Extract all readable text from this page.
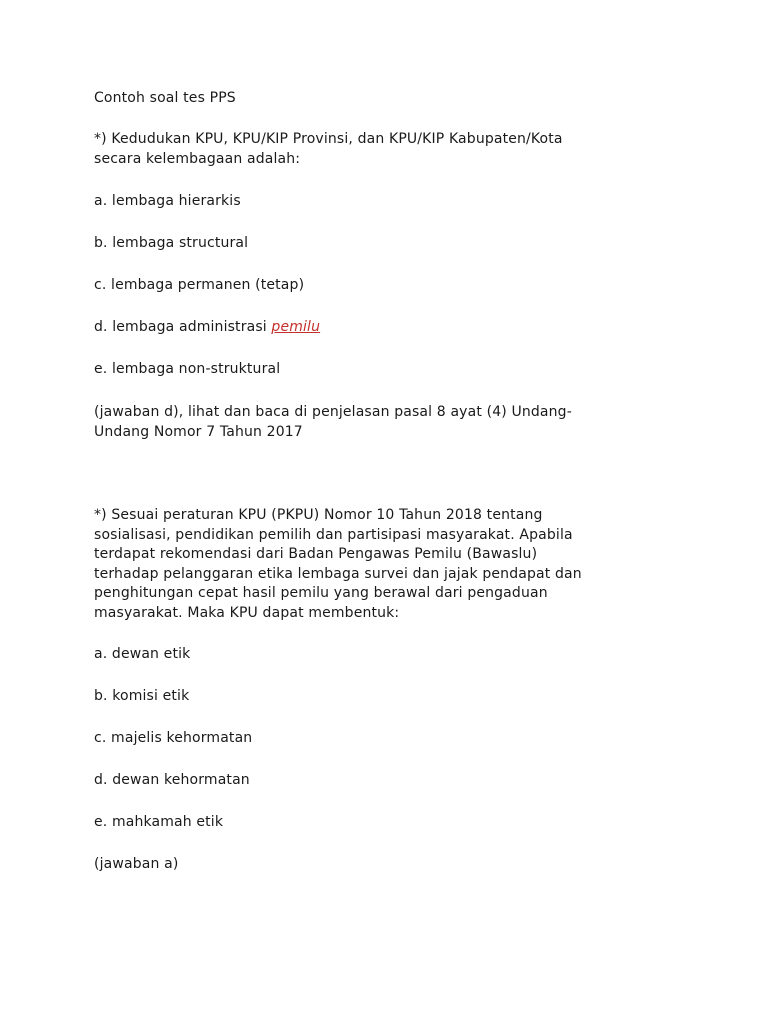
Contoh soal tes PPS

*) Kedudukan KPU, KPU/KIP Provinsi, dan KPU/KIP Kabupaten/Kota
secara kelembagaan adalah:

a. lembaga hierarkis

b. lembaga structural

c. lembaga permanen (tetap)

d. lembaga administrasi pemilu

e. lembaga non-struktural

(jawaban d), lihat dan baca di penjelasan pasal 8 ayat (4) Undang-
Undang Nomor 7 Tahun 2017

*) Sesuai peraturan KPU (PKPU) Nomor 10 Tahun 2018 tentang
sosialisasi, pendidikan pemilih dan partisipasi masyarakat. Apabila
terdapat rekomendasi dari Badan Pengawas Pemilu (Bawaslu)
terhadap pelanggaran etika lembaga survei dan jajak pendapat dan
penghitungan cepat hasil pemilu yang berawal dari pengaduan
masyarakat. Maka KPU dapat membentuk:

a. dewan etik

b. komisi etik

c. majelis kehormatan

d. dewan kehormatan

e. mahkamah etik

(jawaban a)
